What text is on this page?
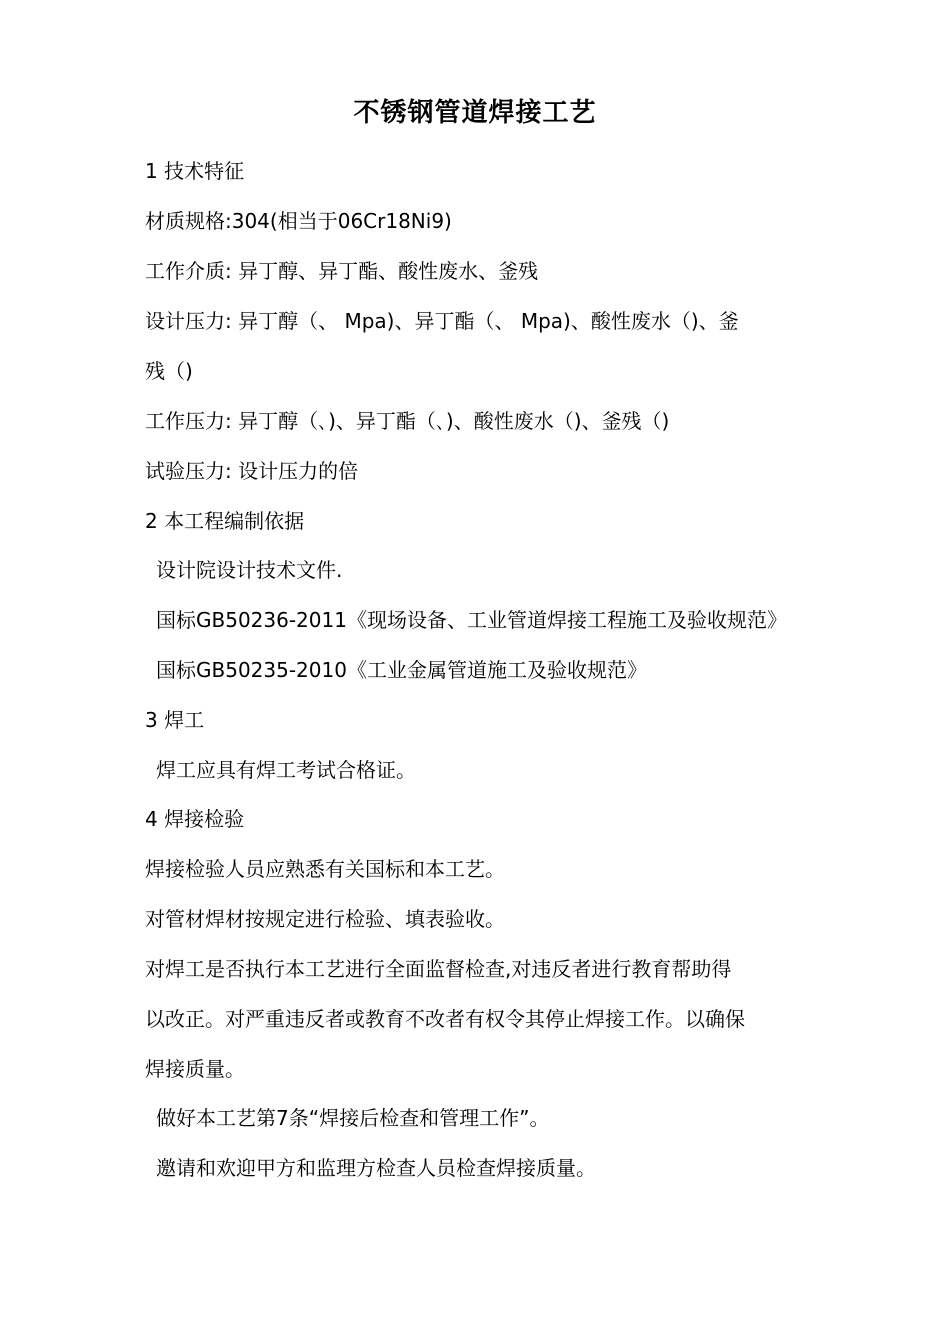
不锈钢管道焊接工艺
1 技术特征
材质规格:304(相当于06Cr18Ni9)
工作介质: 异丁醇、异丁酯、酸性废水、釜残
设计压力: 异丁醇（、 Mpa)、异丁酯（、 Mpa)、酸性废水（)、釜
残（)
工作压力: 异丁醇（､)、异丁酯（､)、酸性废水（)、釜残（)
试验压力: 设计压力的倍
2 本工程编制依据
设计院设计技术文件.
国标GB50236-2011《现场设备、工业管道焊接工程施工及验收规范》
国标GB50235-2010《工业金属管道施工及验收规范》
3 焊工
焊工应具有焊工考试合格证。
4 焊接检验
焊接检验人员应熟悉有关国标和本工艺。
对管材焊材按规定进行检验、填表验收。
对焊工是否执行本工艺进行全面监督检查,对违反者进行教育帮助得
以改正。对严重违反者或教育不改者有权令其停止焊接工作。以确保
焊接质量。
做好本工艺第7条“焊接后检查和管理工作”。
邀请和欢迎甲方和监理方检查人员检查焊接质量。
